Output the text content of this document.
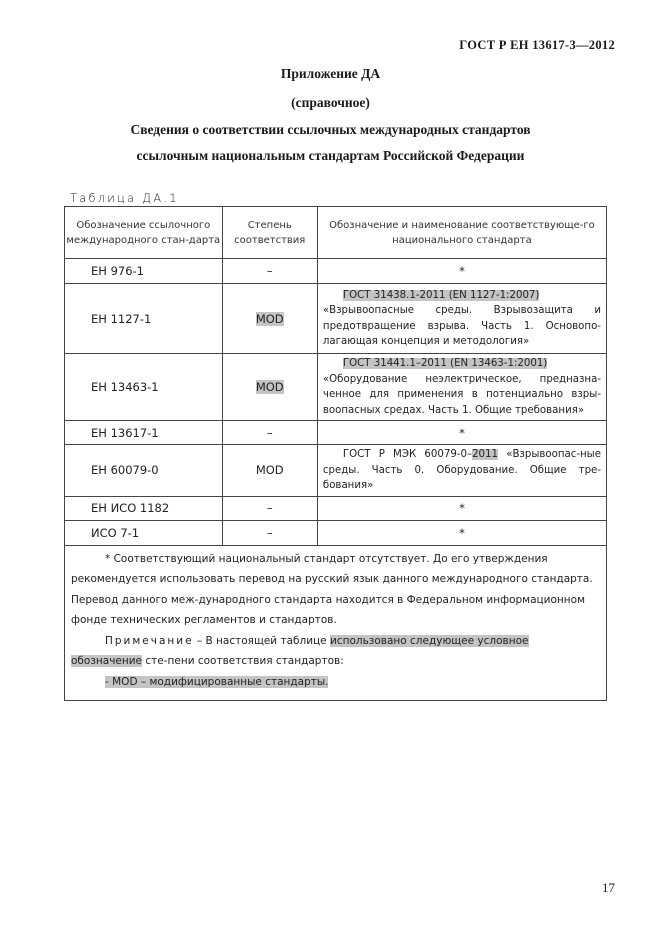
ГОСТ Р ЕН 13617-3—2012
Приложение ДА
(справочное)
Сведения о соответствии ссылочных международных стандартов
ссылочным национальным стандартам Российской Федерации
Таблица ДА.1
Обозначение ссылочного международного стан-дарта	Степень соответствия	Обозначение и наименование соответствующе-го национального стандарта
ЕН 976-1	–	*
ЕН 1127-1	MOD	ГОСТ 31438.1-2011 (EN 1127-1:2007)
«Взрывоопасные среды. Взрывозащита и предотвращение взрыва. Часть 1. Основопо-лагающая концепция и методология»
ЕН 13463-1	MOD	ГОСТ 31441.1–2011 (EN 13463-1:2001)
«Оборудование неэлектрическое, предназна-ченное для применения в потенциально взры-воопасных средах. Часть 1. Общие требования»
ЕН 13617-1	–	*
ЕН 60079-0	MOD	ГОСТ Р МЭК 60079-0–2011 «Взрывоопас-ные среды. Часть 0. Оборудование. Общие тре-бования»

ЕН ИСО 1182	–	*
ИСО 7-1	–	*

* Соответствующий национальный стандарт отсутствует. До его утверждения рекомендуется использовать перевод на русский язык данного международного стандарта. Перевод данного меж-дународного стандарта находится в Федеральном информационном фонде технических регламентов и стандартов.

Примечание – В настоящей таблице использовано следующее условное обозначение сте-пени соответствия стандартов:

- MOD – модифицированные стандарты.		

17
